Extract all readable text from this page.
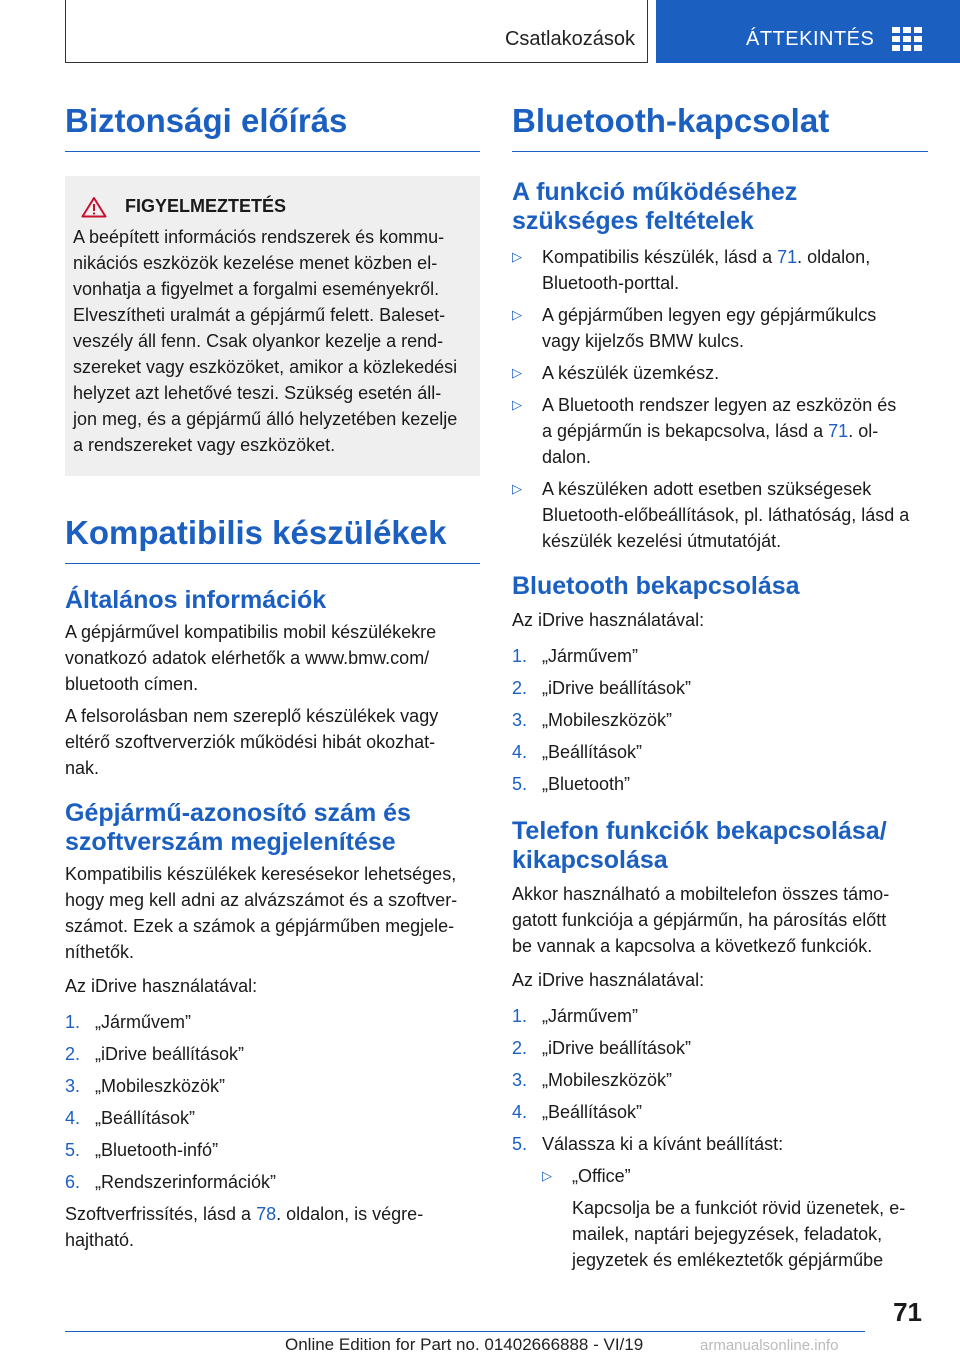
Csatlakozások	ÁTTEKINTÉS
Biztonsági előírás
FIGYELMEZTETÉS

A beépített információs rendszerek és kommu-
nikációs eszközök kezelése menet közben el-
vonhatja a figyelmet a forgalmi eseményekről.
Elveszítheti uralmát a gépjármű felett. Baleset-
veszély áll fenn. Csak olyankor kezelje a rend-
szereket vagy eszközöket, amikor a közlekedési
helyzet azt lehetővé teszi. Szükség esetén áll-
jon meg, és a gépjármű álló helyzetében kezelje
a rendszereket vagy eszközöket.

Kompatibilis készülékek
Általános információk

A gépjárművel kompatibilis mobil készülékekre
vonatkozó adatok elérhetők a www.bmw.com/
bluetooth címen.

A felsorolásban nem szereplő készülékek vagy
eltérő szoftververziók működési hibát okozhat-
nak.

Gépjármű-azonosító szám és
szoftverszám megjelenítése

Kompatibilis készülékek keresésekor lehetséges,
hogy meg kell adni az alvázszámot és a szoftver-
számot. Ezek a számok a gépjárműben megjele-
níthetők.

Az iDrive használatával:

1. „Járművem”
2. „iDrive beállítások”
3. „Mobileszközök”
4. „Beállítások”
5. „Bluetooth-infó”
6. „Rendszerinformációk”

Szoftverfrissítés, lásd a 78. oldalon, is végre-
hajtható.

Bluetooth-kapcsolat
A funkció működéséhez
szükséges feltételek
▷	Kompatibilis készülék, lásd a 71. oldalon,
Bluetooth-porttal.
▷	A gépjárműben legyen egy gépjárműkulcs
vagy kijelzős BMW kulcs.
▷	A készülék üzemkész.
▷	A Bluetooth rendszer legyen az eszközön és
a gépjárműn is bekapcsolva, lásd a 71. ol-
dalon.
▷	A készüléken adott esetben szükségesek
Bluetooth-előbeállítások, pl. láthatóság, lásd a
készülék kezelési útmutatóját.
Bluetooth bekapcsolása

Az iDrive használatával:

1. „Járművem”
2. „iDrive beállítások”
3. „Mobileszközök”
4. „Beállítások”
5. „Bluetooth”
Telefon funkciók bekapcsolása/
kikapcsolása

Akkor használható a mobiltelefon összes támo-
gatott funkciója a gépjárműn, ha párosítás előtt
be vannak a kapcsolva a következő funkciók.

Az iDrive használatával:

1. „Járművem”
2. „iDrive beállítások”
3. „Mobileszközök”
4. „Beállítások”
5. Válassza ki a kívánt beállítást:
▷	„Office”

Kapcsolja be a funkciót rövid üzenetek, e-
mailek, naptári bejegyzések, feladatok,
jegyzetek és emlékeztetők gépjárműbe

71
Online Edition for Part no. 01402666888 - VI/19	armanualsonline.info
